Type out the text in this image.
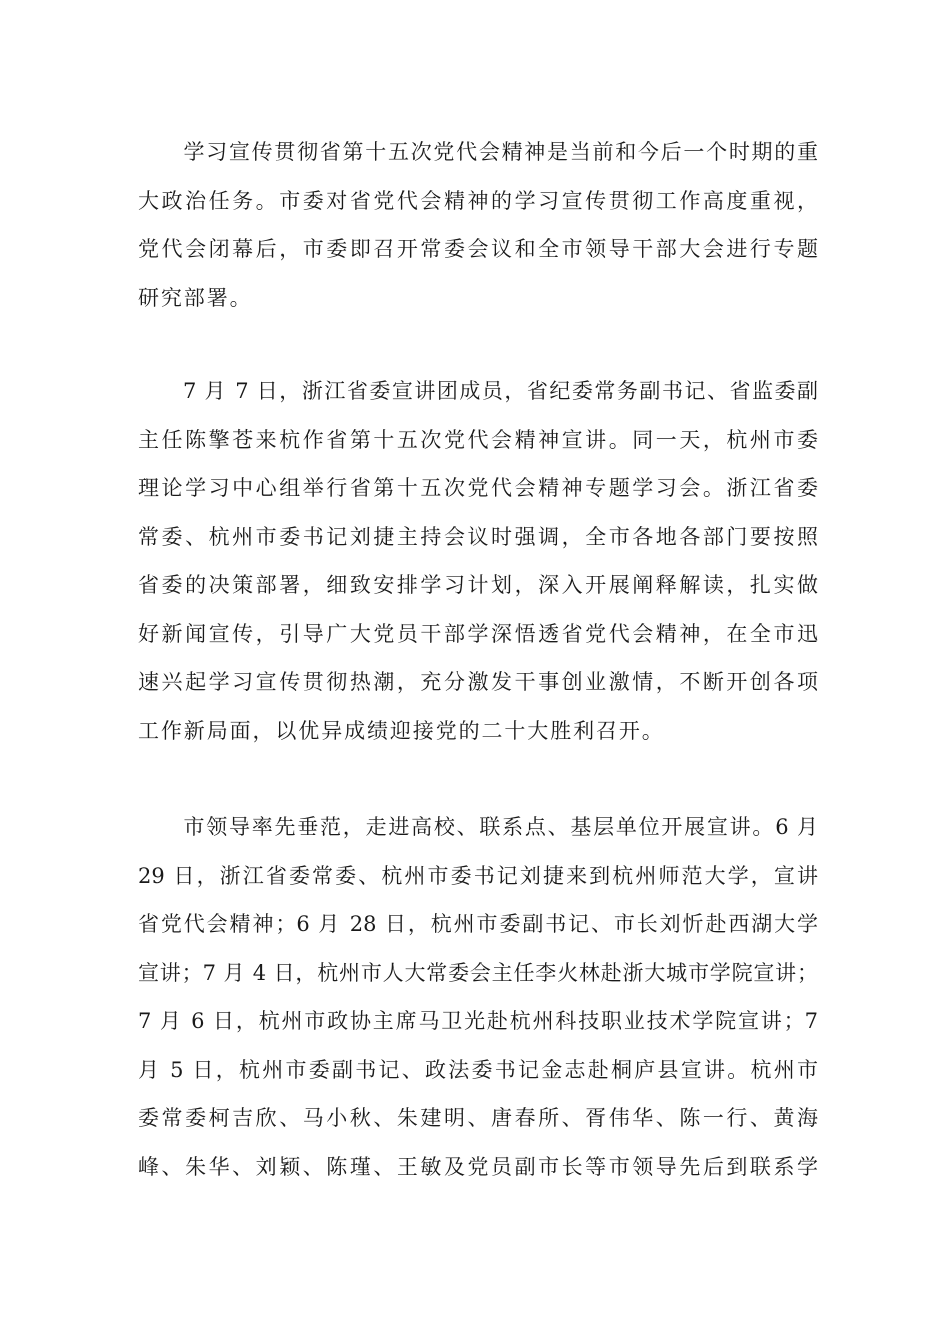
　　学习宣传贯彻省第十五次党代会精神是当前和今后一个时期的重
大政治任务。市委对省党代会精神的学习宣传贯彻工作高度重视，
党代会闭幕后，市委即召开常委会议和全市领导干部大会进行专题
研究部署。
　　7 月 7 日，浙江省委宣讲团成员，省纪委常务副书记、省监委副
主任陈擎苍来杭作省第十五次党代会精神宣讲。同一天，杭州市委
理论学习中心组举行省第十五次党代会精神专题学习会。浙江省委
常委、杭州市委书记刘捷主持会议时强调，全市各地各部门要按照
省委的决策部署，细致安排学习计划，深入开展阐释解读，扎实做
好新闻宣传，引导广大党员干部学深悟透省党代会精神，在全市迅
速兴起学习宣传贯彻热潮，充分激发干事创业激情，不断开创各项
工作新局面，以优异成绩迎接党的二十大胜利召开。
　　市领导率先垂范，走进高校、联系点、基层单位开展宣讲。6 月
29 日，浙江省委常委、杭州市委书记刘捷来到杭州师范大学，宣讲
省党代会精神；6 月 28 日，杭州市委副书记、市长刘忻赴西湖大学
宣讲；7 月 4 日，杭州市人大常委会主任李火林赴浙大城市学院宣讲；
7 月 6 日，杭州市政协主席马卫光赴杭州科技职业技术学院宣讲；7
月 5 日，杭州市委副书记、政法委书记金志赴桐庐县宣讲。杭州市
委常委柯吉欣、马小秋、朱建明、唐春所、胥伟华、陈一行、黄海
峰、朱华、刘颖、陈瑾、王敏及党员副市长等市领导先后到联系学
